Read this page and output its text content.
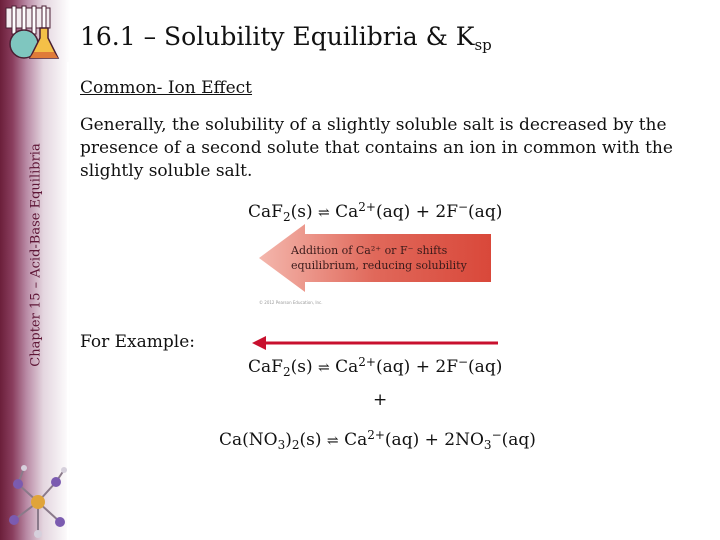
Chapter 15 – Acid-Base Equilibria
16.1 – Solubility Equilibria & $K_{sp}$
Common- Ion Effect
Generally, the solubility of a slightly soluble salt is decreased by the presence of a second solute that contains an ion in common with the slightly soluble salt.
CaF$_2$(s) ⇌ $Ca^{2+}(aq) + 2F^-(aq)$
Addition of Ca²⁺ or F⁻ shifts
equilibrium, reducing solubility
© 2012 Pearson Education, Inc.
For Example:
CaF$_2$(s) ⇌ $Ca^{2+}(aq) + 2F^-(aq)$
+
$Ca(NO_3)_2(s)$ ⇌ $Ca^{2+}(aq) + 2NO_3^-(aq)$
